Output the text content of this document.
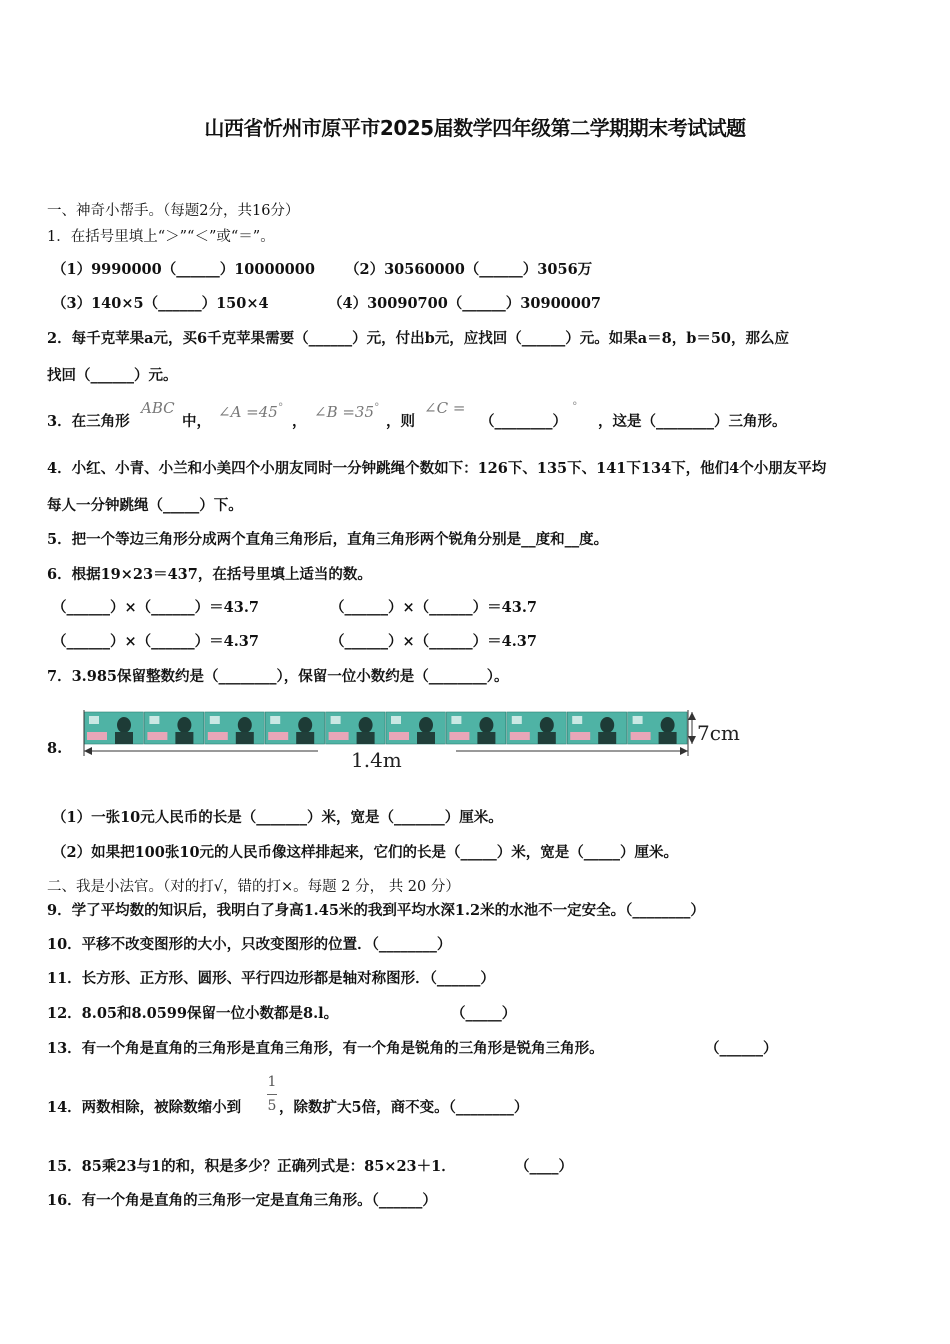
山西省忻州市原平市2025届数学四年级第二学期期末考试试题
一、神奇小帮手。（每题2分，共16分）
1．在括号里填上“＞”“＜”或“＝”。
（1）9990000（______）10000000 （2）30560000（______）3056万
（3）140×5（______）150×4	（4）30090700（______）30900007
2．每千克苹果a元，买6千克苹果需要（______）元，付出b元，应找回（______）元。如果a＝8，b＝50，那么应
找回（______）元。
3．在三角形
ABC
中，
∠A =45°
，
∠B =35°
，则
∠C =
（________）
°
，这是（________）三角形。
4．小红、小青、小兰和小美四个小朋友同时一分钟跳绳个数如下：126下、135下、141下134下，他们4个小朋友平均
每人一分钟跳绳（_____）下。
5．把一个等边三角形分成两个直角三角形后，直角三角形两个锐角分别是__度和__度。
6．根据19×23＝437，在括号里填上适当的数。
（______）×（______）＝43.7	（______）×（______）＝43.7
（______）×（______）＝4.37	（______）×（______）＝4.37
7．3.985保留整数约是（________），保留一位小数约是（________）。
8.	1.4m
7cm
（1）一张10元人民币的长是（_______）米，宽是（_______）厘米。
（2）如果把100张10元的人民币像这样排起来，它们的长是（_____）米，宽是（_____）厘米。
二、我是小法官。（对的打√，错的打×。每题 2 分， 共 20 分）
9．学了平均数的知识后，我明白了身高1.45米的我到平均水深1.2米的水池不一定安全。（________）
10．平移不改变图形的大小，只改变图形的位置．（________）
11．长方形、正方形、圆形、平行四边形都是轴对称图形．（______）
12．8.05和8.0599保留一位小数都是8.l。	（_____）
13．有一个角是直角的三角形是直角三角形，有一个角是锐角的三角形是锐角三角形。	（______）
14．两数相除，被除数缩小到
1
5 ，除数扩大5倍，商不变。（________）
15．85乘23与1的和，积是多少？正确列式是：85×23＋1．	（____）
16．有一个角是直角的三角形一定是直角三角形。（______）
